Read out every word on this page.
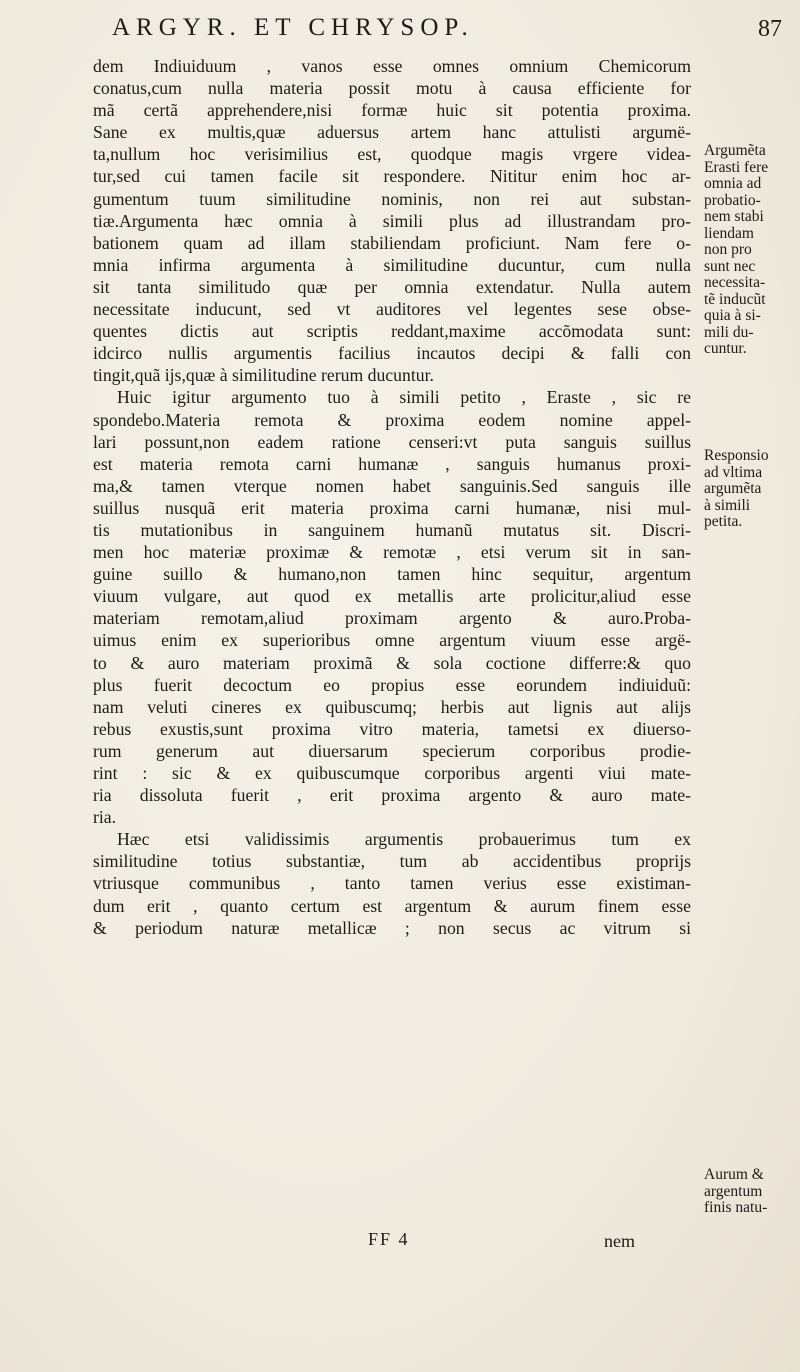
ARGYR. ET CHRYSOP.	87
dem Indiuiduum , vanos esse omnes omnium Chemicorum
conatus,cum nulla materia possit motu à causa efficiente for
mã certã apprehendere,nisi formæ huic sit potentia proxima.
Sane ex multis,quæ aduersus artem hanc attulisti argumë-
ta,nullum hoc verisimilius est, quodque magis vrgere videa-
tur,sed cui tamen facile sit respondere. Nititur enim hoc ar-
gumentum tuum similitudine nominis, non rei aut substan-
tiæ.Argumenta hæc omnia à simili plus ad illustrandam pro-
bationem quam ad illam stabiliendam proficiunt. Nam fere o-
mnia infirma argumenta à similitudine ducuntur, cum nulla
sit tanta similitudo quæ per omnia extendatur. Nulla autem
necessitate inducunt, sed vt auditores vel legentes sese obse-
quentes dictis aut scriptis reddant,maxime accõmodata sunt:
idcirco nullis argumentis facilius incautos decipi & falli con
tingit,quã ijs,quæ à similitudine rerum ducuntur.
Huic igitur argumento tuo à simili petito , Eraste , sic re
spondebo.Materia remota & proxima eodem nomine appel-
lari possunt,non eadem ratione censeri:vt puta sanguis suillus
est materia remota carni humanæ , sanguis humanus proxi-
ma,& tamen vterque nomen habet sanguinis.Sed sanguis ille
suillus nusquã erit materia proxima carni humanæ, nisi mul-
tis mutationibus in sanguinem humanũ mutatus sit. Discri-
men hoc materiæ proximæ & remotæ , etsi verum sit in san-
guine suillo & humano,non tamen hinc sequitur, argentum
viuum vulgare, aut quod ex metallis arte prolicitur,aliud esse
materiam remotam,aliud proximam argento & auro.Proba-
uimus enim ex superioribus omne argentum viuum esse argë-
to & auro materiam proximã & sola coctione differre:& quo
plus fuerit decoctum eo propius esse eorundem indiuiduũ:
nam veluti cineres ex quibuscumq; herbis aut lignis aut alijs
rebus exustis,sunt proxima vitro materia, tametsi ex diuerso-
rum generum aut diuersarum specierum corporibus prodie-
rint : sic & ex quibuscumque corporibus argenti viui mate-
ria dissoluta fuerit , erit proxima argento & auro mate-
ria.
Hæc etsi validissimis argumentis probauerimus tum ex
similitudine totius substantiæ, tum ab accidentibus proprijs
vtriusque communibus , tanto tamen verius esse existiman-
dum erit , quanto certum est argentum & aurum finem esse
& periodum naturæ metallicæ ; non secus ac vitrum si
Argumẽta
Erasti fere
omnia ad
probatio-
nem stabi
liendam
non pro
sunt nec
necessita-
tẽ inducũt
quia à si-
mili du-
cuntur.
Responsio
ad vltima
argumẽta
à simili
petita.
Aurum &
argentum
finis natu-
FF 4	nem
